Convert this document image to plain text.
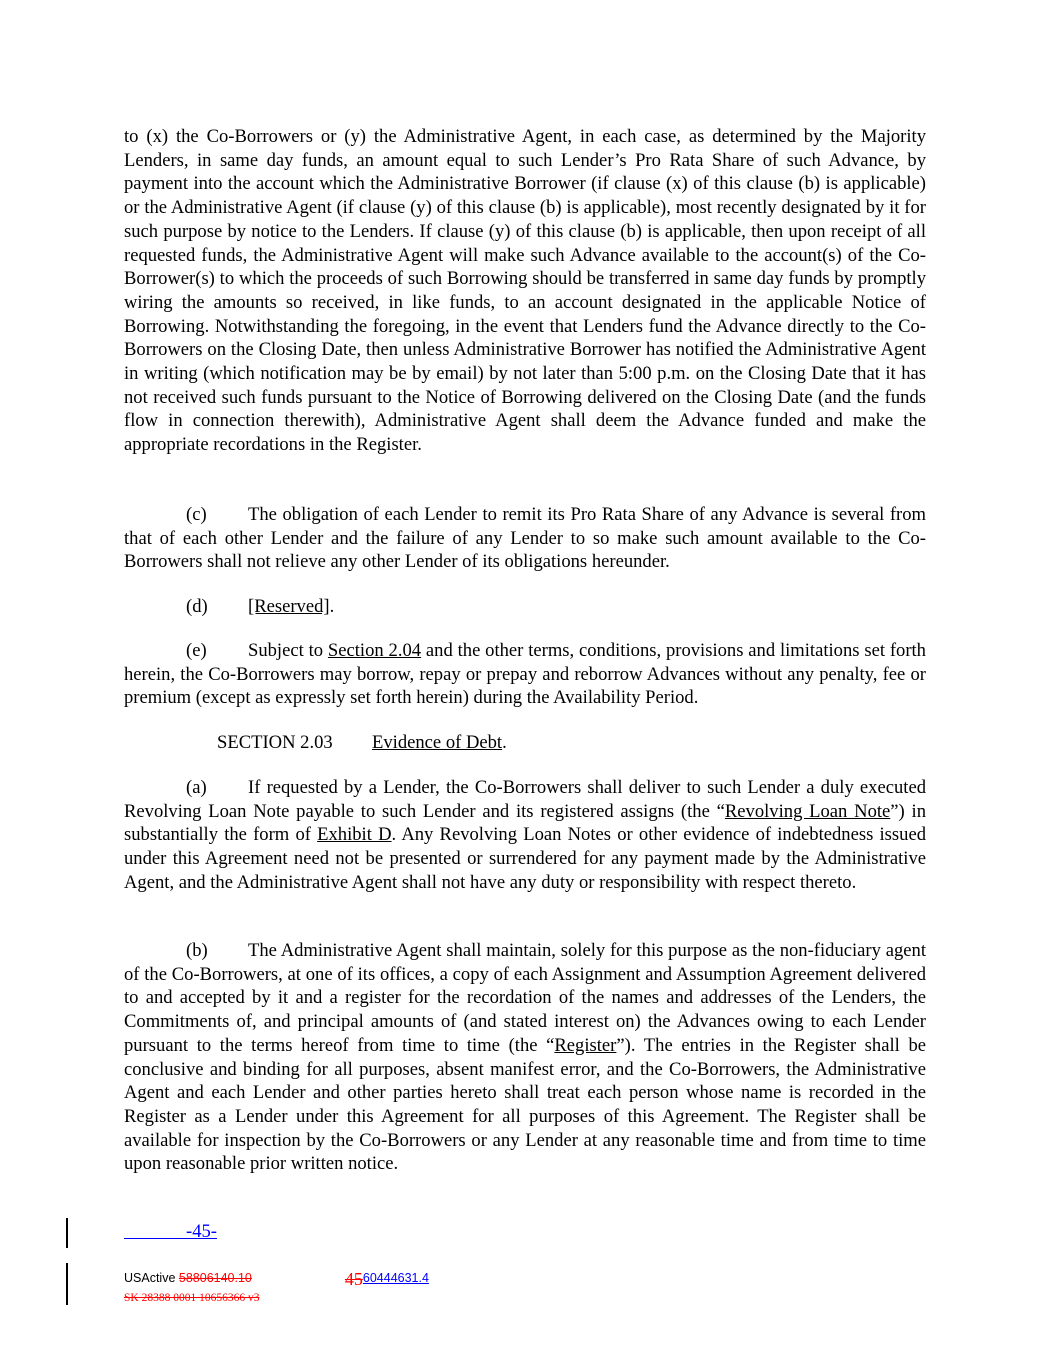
to (x) the Co-Borrowers or (y) the Administrative Agent, in each case, as determined by the Majority Lenders, in same day funds, an amount equal to such Lender’s Pro Rata Share of such Advance, by payment into the account which the Administrative Borrower (if clause (x) of this clause (b) is applicable) or the Administrative Agent (if clause (y) of this clause (b) is applicable), most recently designated by it for such purpose by notice to the Lenders. If clause (y) of this clause (b) is applicable, then upon receipt of all requested funds, the Administrative Agent will make such Advance available to the account(s) of the Co-Borrower(s) to which the proceeds of such Borrowing should be transferred in same day funds by promptly wiring the amounts so received, in like funds, to an account designated in the applicable Notice of Borrowing. Notwithstanding the foregoing, in the event that Lenders fund the Advance directly to the Co-Borrowers on the Closing Date, then unless Administrative Borrower has notified the Administrative Agent in writing (which notification may be by email) by not later than 5:00 p.m. on the Closing Date that it has not received such funds pursuant to the Notice of Borrowing delivered on the Closing Date (and the funds flow in connection therewith), Administrative Agent shall deem the Advance funded and make the appropriate recordations in the Register.
(c) The obligation of each Lender to remit its Pro Rata Share of any Advance is several from that of each other Lender and the failure of any Lender to so make such amount available to the Co- Borrowers shall not relieve any other Lender of its obligations hereunder.
(d) [Reserved].
(e) Subject to Section 2.04 and the other terms, conditions, provisions and limitations set forth herein, the Co-Borrowers may borrow, repay or prepay and reborrow Advances without any penalty, fee or premium (except as expressly set forth herein) during the Availability Period.
SECTION 2.03 Evidence of Debt.
(a) If requested by a Lender, the Co-Borrowers shall deliver to such Lender a duly executed Revolving Loan Note payable to such Lender and its registered assigns (the “Revolving Loan Note”) in substantially the form of Exhibit D. Any Revolving Loan Notes or other evidence of indebtedness issued under this Agreement need not be presented or surrendered for any payment made by the Administrative Agent, and the Administrative Agent shall not have any duty or responsibility with respect thereto.
(b) The Administrative Agent shall maintain, solely for this purpose as the non-fiduciary agent of the Co-Borrowers, at one of its offices, a copy of each Assignment and Assumption Agreement delivered to and accepted by it and a register for the recordation of the names and addresses of the Lenders, the Commitments of, and principal amounts of (and stated interest on) the Advances owing to each Lender pursuant to the terms hereof from time to time (the “Register”). The entries in the Register shall be conclusive and binding for all purposes, absent manifest error, and the Co-Borrowers, the Administrative Agent and each Lender and other parties hereto shall treat each person whose name is recorded in the Register as a Lender under this Agreement for all purposes of this Agreement. The Register shall be available for inspection by the Co-Borrowers or any Lender at any reasonable time and from time to time upon reasonable prior written notice.
-45-
USActive 58806140.10	4560444631.4
SK 28388 0001 10656366 v3
